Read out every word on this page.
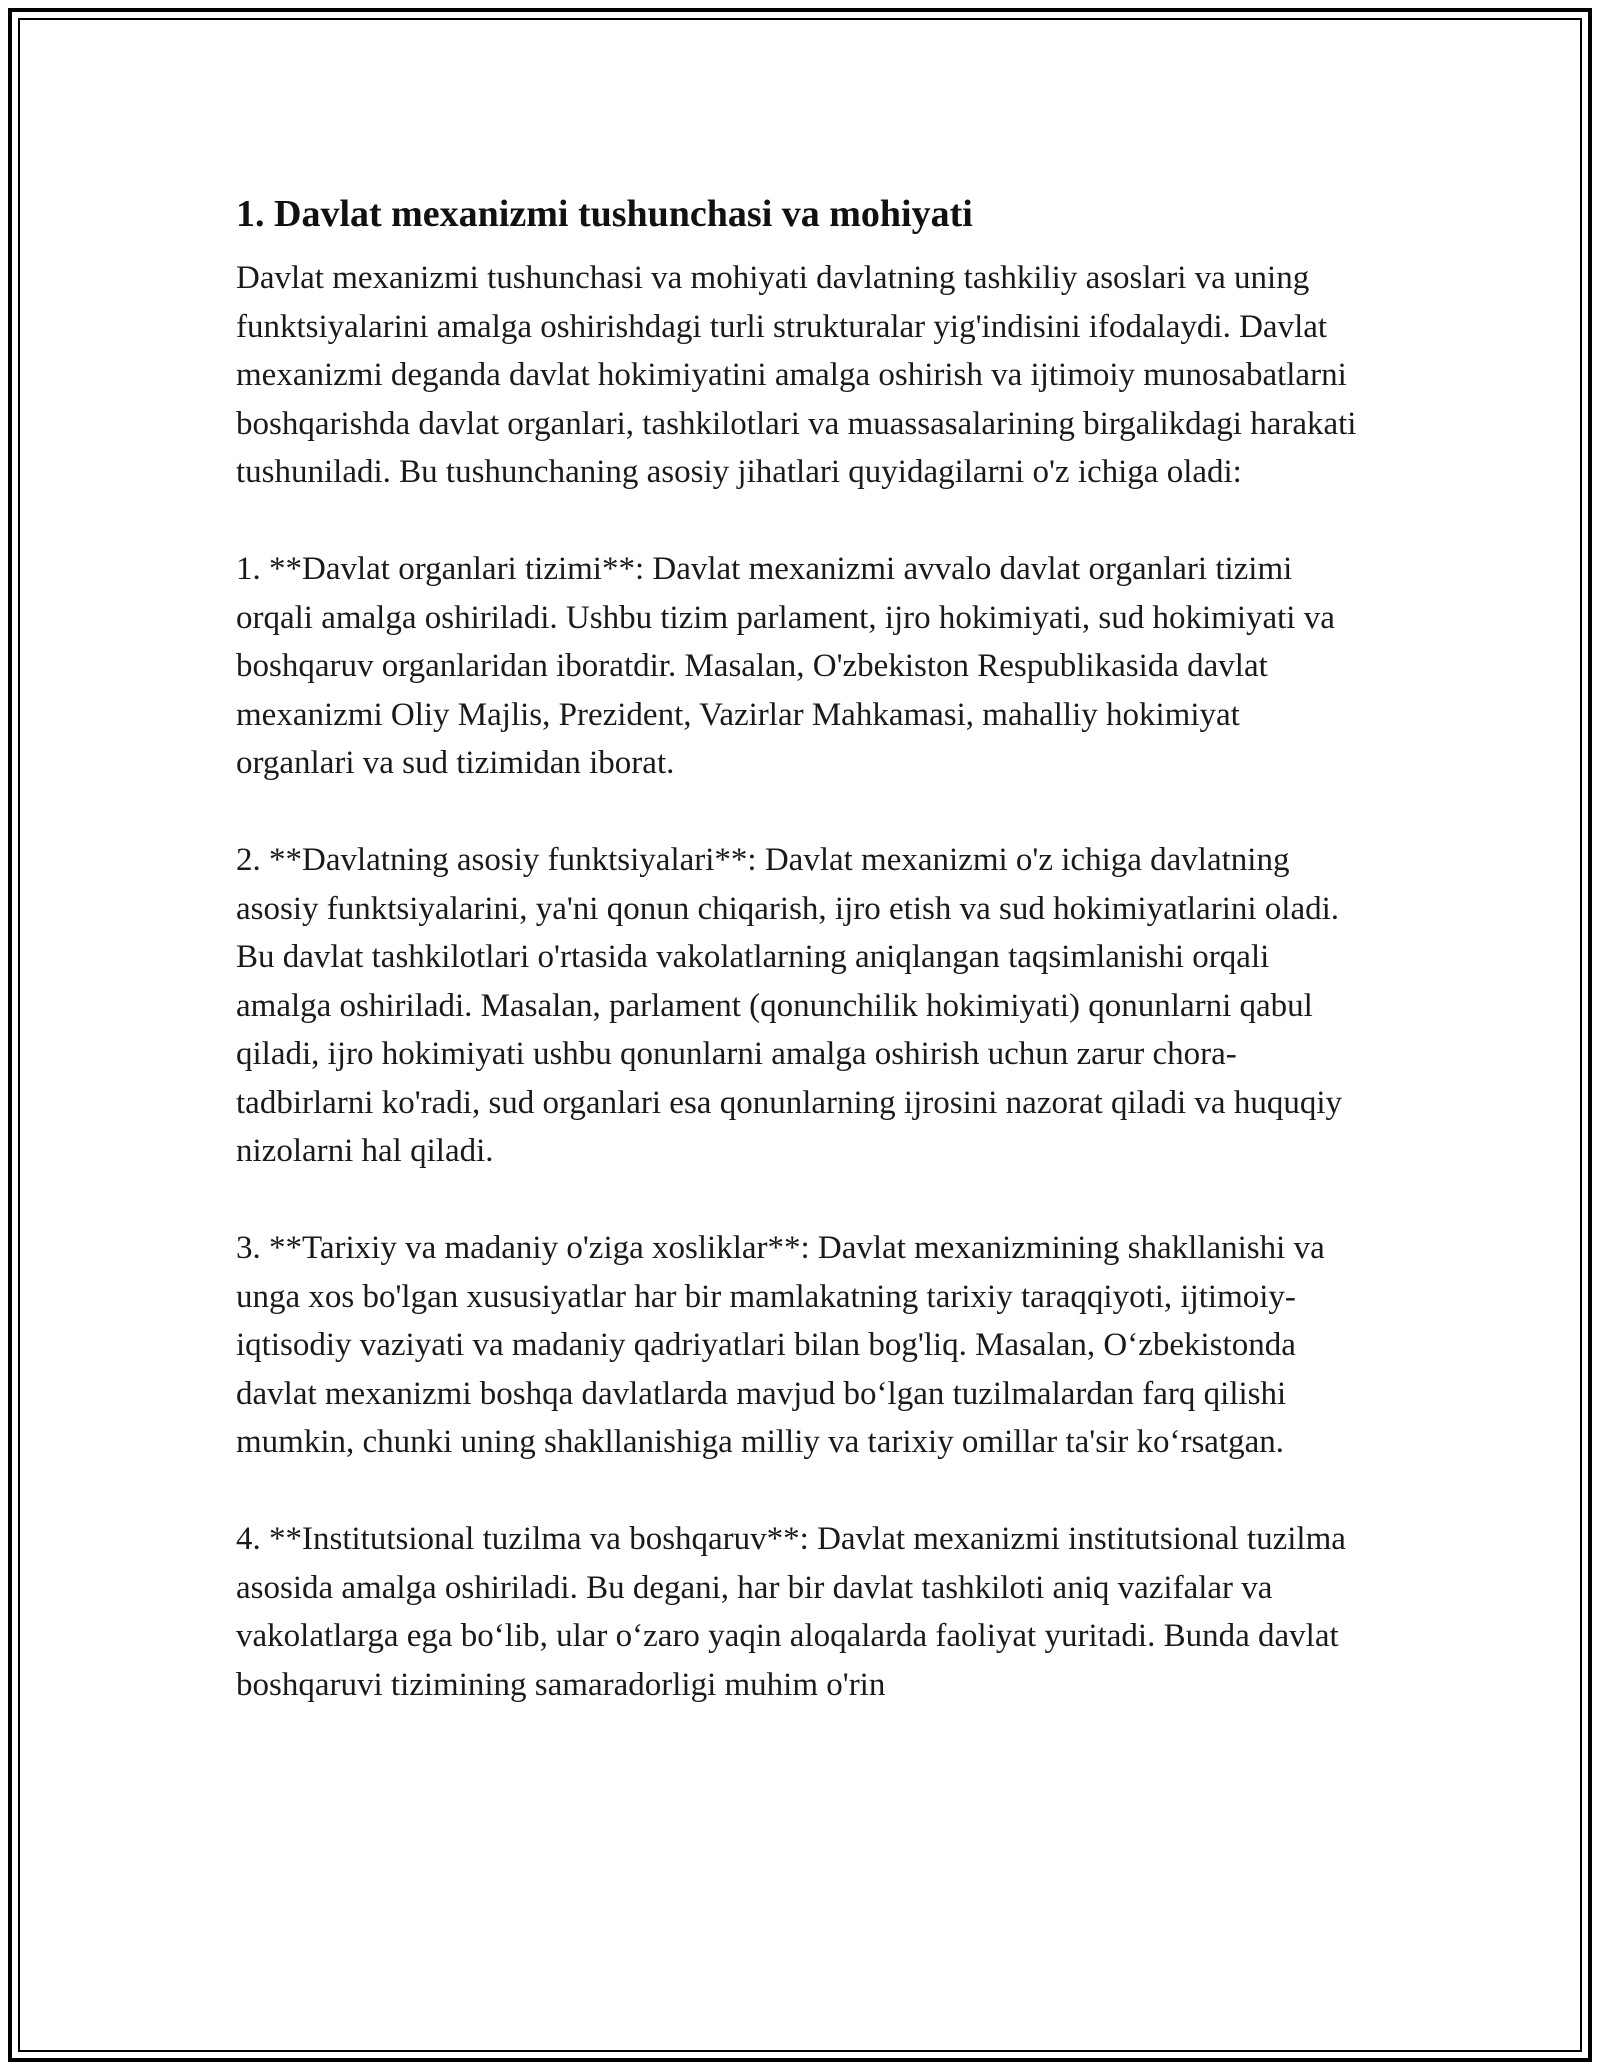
1. Davlat mexanizmi tushunchasi va mohiyati

Davlat mexanizmi tushunchasi va mohiyati davlatning tashkiliy asoslari va uning funktsiyalarini amalga oshirishdagi turli strukturalar yig'indisini ifodalaydi. Davlat mexanizmi deganda davlat hokimiyatini amalga oshirish va ijtimoiy munosabatlarni boshqarishda davlat organlari, tashkilotlari va muassasalarining birgalikdagi harakati tushuniladi. Bu tushunchaning asosiy jihatlari quyidagilarni o'z ichiga oladi:

1. **Davlat organlari tizimi**: Davlat mexanizmi avvalo davlat organlari tizimi orqali amalga oshiriladi. Ushbu tizim parlament, ijro hokimiyati, sud hokimiyati va boshqaruv organlaridan iboratdir. Masalan, O'zbekiston Respublikasida davlat mexanizmi Oliy Majlis, Prezident, Vazirlar Mahkamasi, mahalliy hokimiyat organlari va sud tizimidan iborat.

2. **Davlatning asosiy funktsiyalari**: Davlat mexanizmi o'z ichiga davlatning asosiy funktsiyalarini, ya'ni qonun chiqarish, ijro etish va sud hokimiyatlarini oladi. Bu davlat tashkilotlari o'rtasida vakolatlarning aniqlangan taqsimlanishi orqali amalga oshiriladi. Masalan, parlament (qonunchilik hokimiyati) qonunlarni qabul qiladi, ijro hokimiyati ushbu qonunlarni amalga oshirish uchun zarur chora-tadbirlarni ko'radi, sud organlari esa qonunlarning ijrosini nazorat qiladi va huquqiy nizolarni hal qiladi.

3. **Tarixiy va madaniy o'ziga xosliklar**: Davlat mexanizmining shakllanishi va unga xos bo'lgan xususiyatlar har bir mamlakatning tarixiy taraqqiyoti, ijtimoiy-iqtisodiy vaziyati va madaniy qadriyatlari bilan bog'liq. Masalan, O‘zbekistonda davlat mexanizmi boshqa davlatlarda mavjud bo‘lgan tuzilmalardan farq qilishi mumkin, chunki uning shakllanishiga milliy va tarixiy omillar ta'sir ko‘rsatgan.

4. **Institutsional tuzilma va boshqaruv**: Davlat mexanizmi institutsional tuzilma asosida amalga oshiriladi. Bu degani, har bir davlat tashkiloti aniq vazifalar va vakolatlarga ega bo‘lib, ular o‘zaro yaqin aloqalarda faoliyat yuritadi. Bunda davlat boshqaruvi tizimining samaradorligi muhim o'rin
